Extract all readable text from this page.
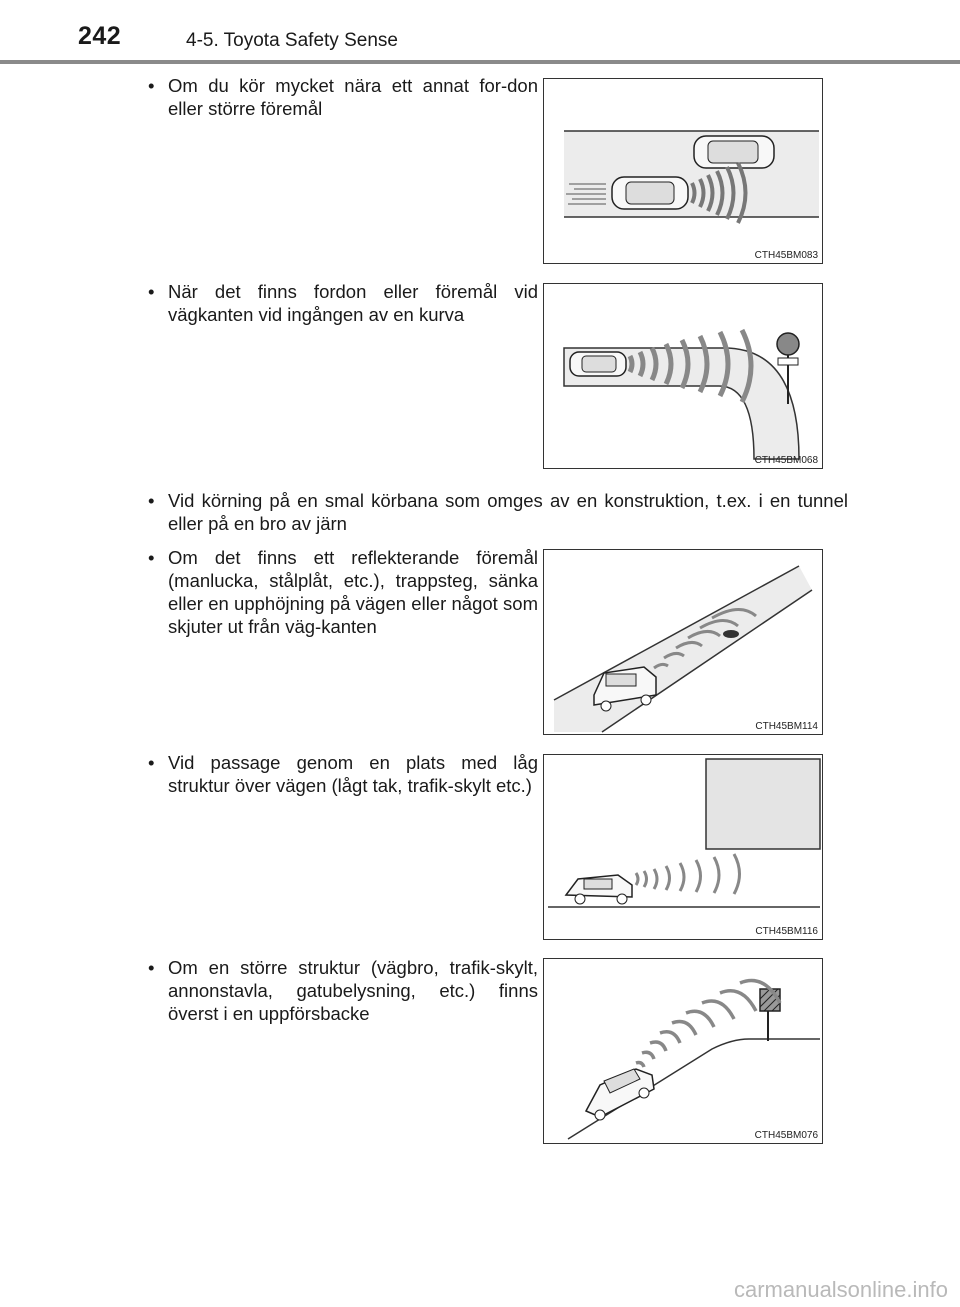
242	4-5. Toyota Safety Sense
• Om du kör mycket nära ett annat for-don eller större föremål
CTH45BM083
• När det finns fordon eller föremål vid vägkanten vid ingången av en kurva
CTH45BM068
• Vid körning på en smal körbana som omges av en konstruktion, t.ex. i en tunnel eller på en bro av järn
• Om det finns ett reflekterande föremål (manlucka, stålplåt, etc.), trappsteg, sänka eller en upphöjning på vägen eller något som skjuter ut från väg-kanten
CTH45BM114
• Vid passage genom en plats med låg struktur över vägen (lågt tak, trafik-skylt etc.)
CTH45BM116
• Om en större struktur (vägbro, trafik-skylt, annonstavla, gatubelysning, etc.) finns överst i en uppförsbacke
CTH45BM076
carmanualsonline.info
